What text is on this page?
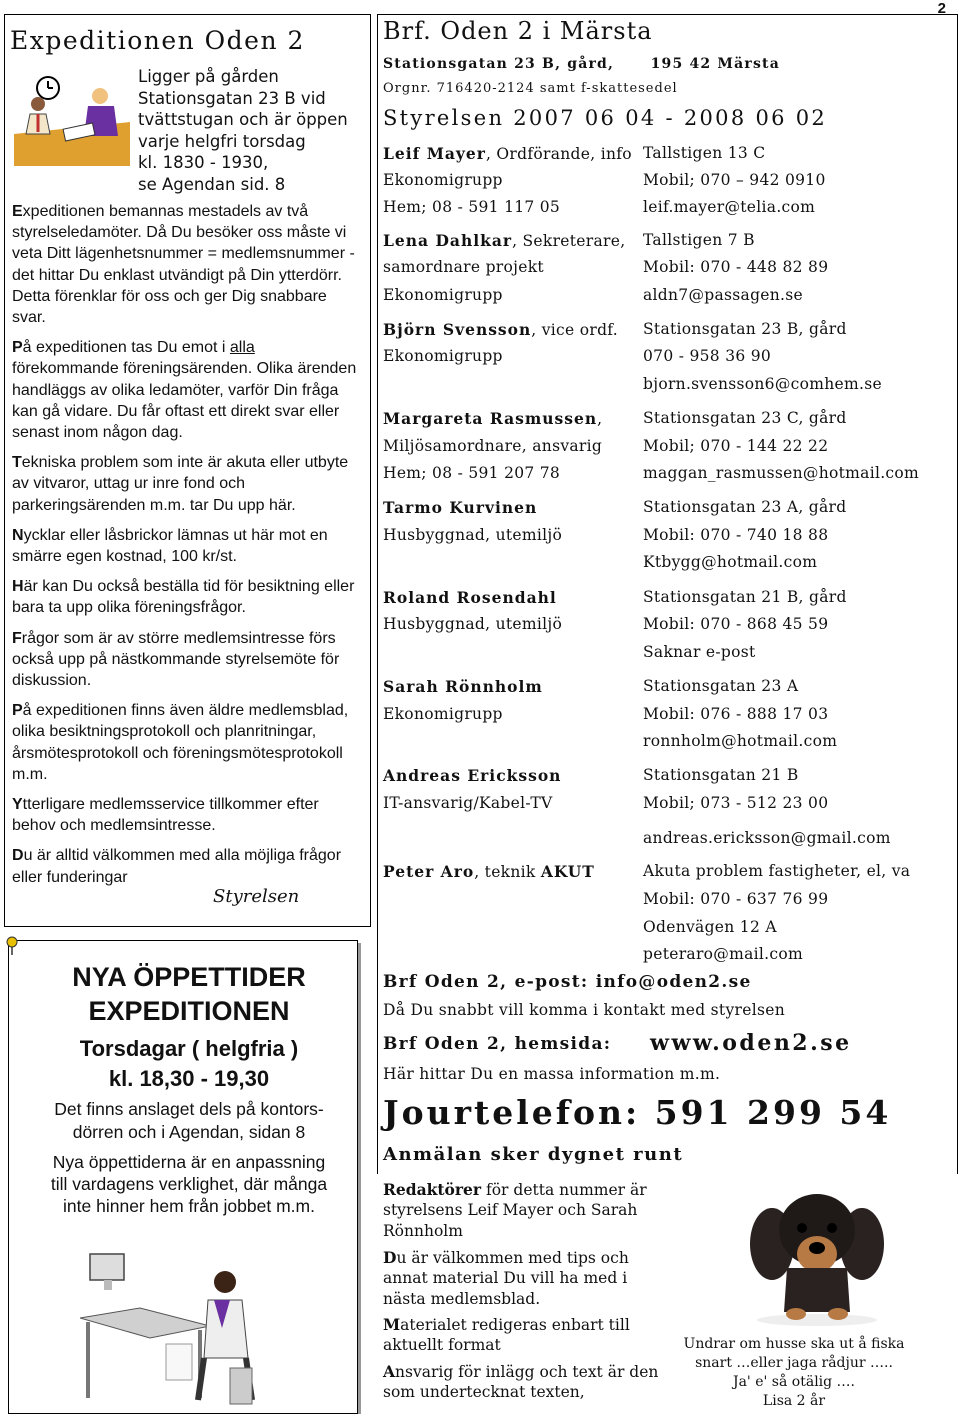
2
Expeditionen Oden 2
Ligger på gården
Stationsgatan 23 B vid
tvättstugan och är öppen
varje helgfri torsdag
kl. 1830 - 1930,
se Agendan sid. 8

Expeditionen bemannas mestadels av två styrelseledamöter. Då Du besöker oss måste vi veta Ditt lägenhetsnummer = medlemsnummer - det hittar Du enklast utvändigt på Din ytterdörr. Detta förenklar för oss och ger Dig snabbare svar.

På expeditionen tas Du emot i alla förekommande föreningsärenden. Olika ärenden handläggs av olika ledamöter, varför Din fråga kan gå vidare. Du får oftast ett direkt svar eller senast inom någon dag.

Tekniska problem som inte är akuta eller utbyte av vitvaror, uttag ur inre fond och parkeringsärenden m.m. tar Du upp här.

Nycklar eller låsbrickor lämnas ut här mot en smärre egen kostnad, 100 kr/st.

Här kan Du också beställa tid för besiktning eller bara ta upp olika föreningsfrågor.

Frågor som är av större medlemsintresse förs också upp på nästkommande styrelsemöte för diskussion.

På expeditionen finns även äldre medlemsblad, olika besiktningsprotokoll och planritningar, årsmötesprotokoll och föreningsmötesprotokoll m.m.

Ytterligare medlemsservice tillkommer efter behov och medlemsintresse.

Du är alltid välkommen med alla möjliga frågor eller funderingar

Styrelsen
NYA ÖPPETTIDER
EXPEDITIONEN
Torsdagar ( helgfria )
kl. 18,30 - 19,30
Det finns anslaget dels på kontors-
dörren och i Agendan, sidan 8
Nya öppettiderna är en anpassning
till vardagens verklighet, där många
inte hinner hem från jobbet m.m.
Brf. Oden 2 i Märsta
Stationsgatan 23 B, gård,      195 42 Märsta
Orgnr. 716420-2124 samt f-skattesedel
Styrelsen 2007 06 04 - 2008 06 02
Leif Mayer, Ordförande, info
Ekonomigrupp
Hem; 08 - 591 117 05
Tallstigen 13 C
Mobil; 070 – 942 0910
leif.mayer@telia.com
Lena Dahlkar, Sekreterare,
samordnare projekt
Ekonomigrupp
Tallstigen 7 B
Mobil: 070 - 448 82 89
aldn7@passagen.se
Björn Svensson, vice ordf.
Ekonomigrupp
Stationsgatan 23 B, gård
070 - 958 36 90
bjorn.svensson6@comhem.se
Margareta Rasmussen,
Miljösamordnare, ansvarig
Hem; 08 - 591 207 78
Stationsgatan 23 C, gård
Mobil; 070 - 144 22 22
maggan_rasmussen@hotmail.com
Tarmo Kurvinen
Husbyggnad, utemiljö
Stationsgatan 23 A, gård
Mobil: 070 - 740 18 88
Ktbygg@hotmail.com
Roland Rosendahl
Husbyggnad, utemiljö
Stationsgatan 21 B, gård
Mobil: 070 - 868 45 59
Saknar e-post
Sarah Rönnholm
Ekonomigrupp
Stationsgatan 23 A
Mobil: 076 - 888 17 03
ronnholm@hotmail.com
Andreas Ericksson
IT-ansvarig/Kabel-TV
Stationsgatan 21 B
Mobil; 073 - 512 23 00
andreas.ericksson@gmail.com
Peter Aro, teknik AKUT	Akuta problem fastigheter, el, va
Mobil: 070 - 637 76 99
Odenvägen 12 A
peteraro@mail.com
Brf Oden 2, e-post: info@oden2.se
Då Du snabbt vill komma i kontakt med styrelsen
Brf Oden 2, hemsida: www.oden2.se
Här hittar Du en massa information m.m.
Jourtelefon: 591 299 54
Anmälan sker dygnet runt
Redaktörer för detta nummer är styrelsens Leif Mayer och Sarah Rönnholm
Du är välkommen med tips och annat material Du vill ha med i nästa medlemsblad.
Materialet redigeras enbart till aktuellt format
Ansvarig för inlägg och text är den som undertecknat texten,
Undrar om husse ska ut å fiska
snart …eller jaga rådjur …..
Ja' e' så otälig ….
Lisa 2 år
